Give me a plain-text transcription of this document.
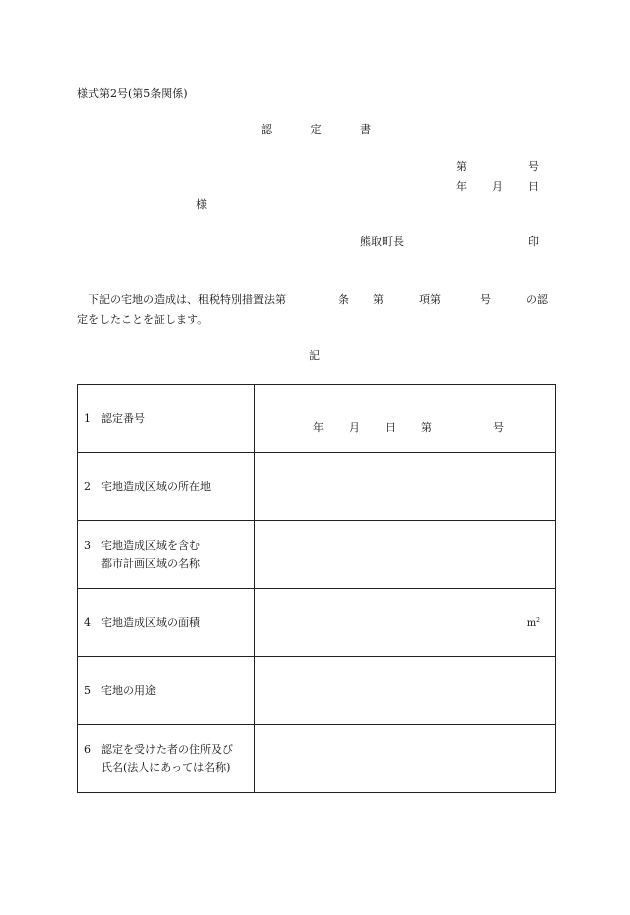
様式第2号(第5条関係)
認	定	書
第	号
年 月 日
様
熊取町長	印
下記の宅地の造成は、租税特別措置法第	条 第	項第	号	の認
定をしたことを証します。
記
1 認定番号	年 月 日 第 号

2 宅地造成区域の所在地	

3 宅地造成区域を含む
都市計画区域の名称	

4 宅地造成区域の面積	$m^2$

5 宅地の用途	

6 認定を受けた者の住所及び
氏名(法人にあっては名称)	
